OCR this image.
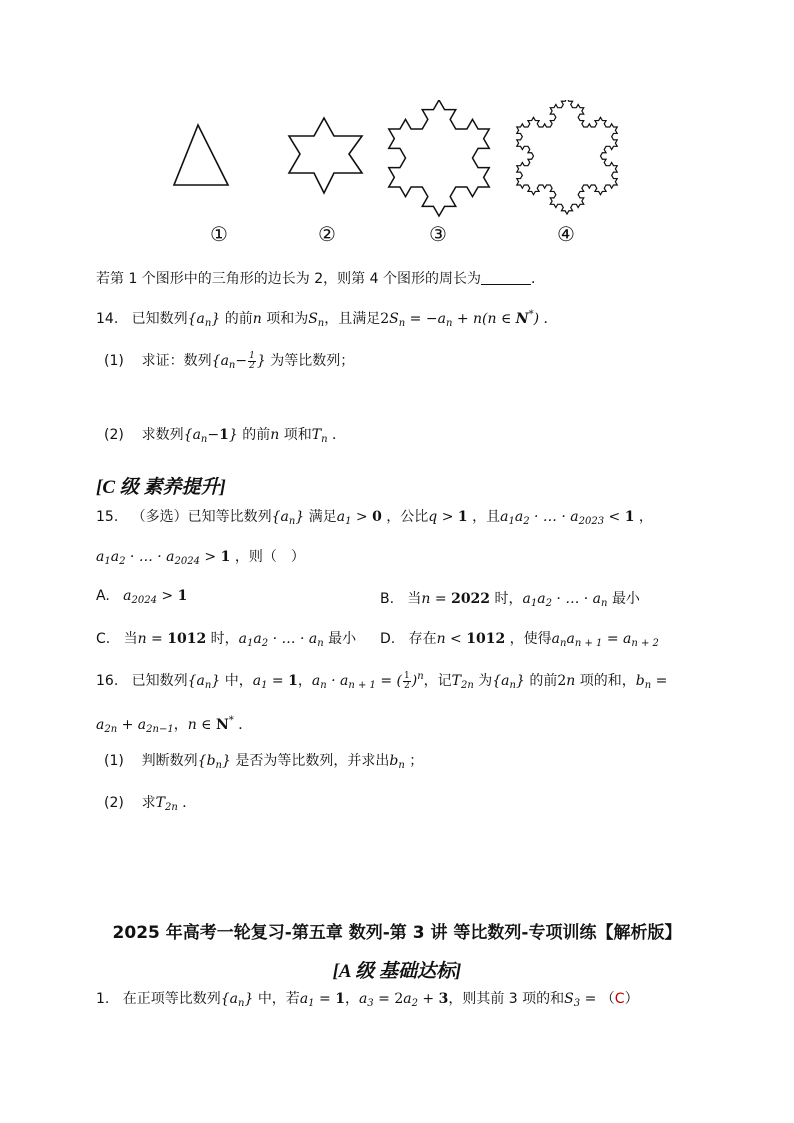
①	②	③	④
若第 1 个图形中的三角形的边长为 2，则第 4 个图形的周长为	．
14. 已知数列$\{a_n\}$ 的前n 项和为$S_n$，且满足$2S_n = -a_n + n(n$ ∈ N*) ．
(1) 求证：数列{$a_n- \frac{1}{2}$ } 为等比数列；
(2) 求数列$\{a_n-1\}$ 的前n 项和$T_n$ ．
[C 级 素养提升]
15. （多选）已知等比数列$\{a_n\}$ 满足$a_1 > 0$ ，公比q > 1 ，且$a_1a_2$ · … · $a_{2023} < 1$ ，
$a_1a_2$ · … · $a_{2024} > 1$ ，则（　）
A. $a_{2024} > 1$	B. 当n = 2022 时，$a_1a_2$ · … · $a_n$ 最小
C. 当n = 1012 时，$a_1a_2$ · … · $a_n$ 最小 D. 存在n < 1012 ，使得$a_na_{n + 1} = a_{n + 2}$
16. 已知数列$\{a_n\}$ 中，$a_1 = 1$，$a_n \cdot a_{n + 1}$ = ( $\frac{1}{2} )^n$，记$T_{2n}$ 为$\{a_n\}$ 的前2n 项的和，$b_n$ =
$a_{2n} + a_{2n-1}$，n ∈ N* ．
(1) 判断数列$\{b_n\}$ 是否为等比数列，并求出$b_n$ ；
(2) 求$T_{2n}$ ．
2025 年高考一轮复习-第五章 数列-第 3 讲 等比数列-专项训练【解析版】
[A 级 基础达标]
1. 在正项等比数列$\{a_n\}$ 中，若$a_1 = 1$，$a_3 = 2a_2 + 3$，则其前 3 项的和$S_3 = (C)$
